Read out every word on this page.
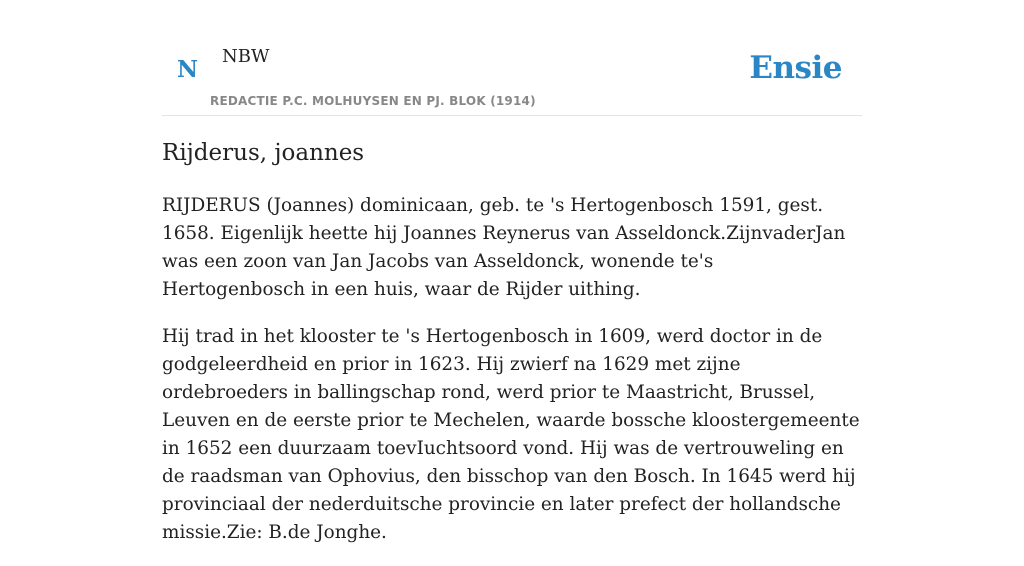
N NBW
REDACTIE P.C. MOLHUYSEN EN PJ. BLOK (1914)
Ensie
Rijderus, joannes

RIJDERUS (Joannes) dominicaan, geb. te 's Hertogenbosch 1591, gest. 1658. Eigenlijk heette hij Joannes Reynerus van Asseldonck.ZijnvaderJan was een zoon van Jan Jacobs van Asseldonck, wonende te's Hertogenbosch in een huis, waar de Rijder uithing.

Hij trad in het klooster te 's Hertogenbosch in 1609, werd doctor in de godgeleerdheid en prior in 1623. Hij zwierf na 1629 met zijne ordebroeders in ballingschap rond, werd prior te Maastricht, Brussel, Leuven en de eerste prior te Mechelen, waarde bossche kloostergemeente in 1652 een duurzaam toevIuchtsoord vond. Hij was de vertrouweling en de raadsman van Ophovius, den bisschop van den Bosch. In 1645 werd hij provinciaal der nederduitsche provincie en later prefect der hollandsche missie.Zie: B.de Jonghe.
